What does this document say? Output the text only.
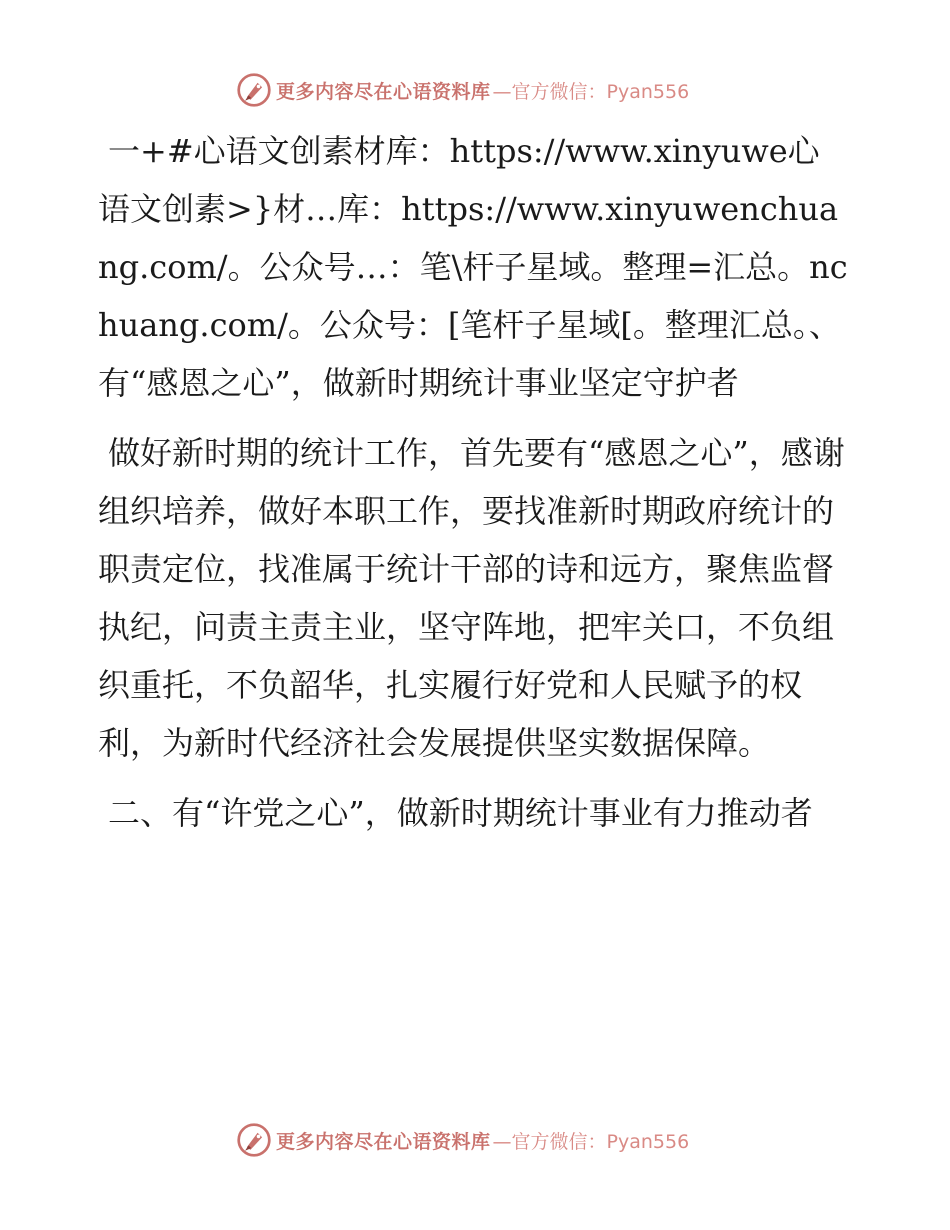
更多内容尽在心语资料库 —官方微信：Pyan556

一+#心语文创素材库：https://www.xinyuwe心语文创素>}材…库：https://www.xinyuwenchuang.com/。公众号…：笔\杆子星域。整理=汇总。nchuang.com/。公众号：[笔杆子星域[。整理汇总。、有“感恩之心”，做新时期统计事业坚定守护者

做好新时期的统计工作，首先要有“感恩之心”，感谢组织培养，做好本职工作，要找准新时期政府统计的职责定位，找准属于统计干部的诗和远方，聚焦监督执纪，问责主责主业，坚守阵地，把牢关口，不负组织重托，不负韶华，扎实履行好党和人民赋予的权利，为新时代经济社会发展提供坚实数据保障。

二、有“许党之心”，做新时期统计事业有力推动者

更多内容尽在心语资料库 —官方微信：Pyan556
